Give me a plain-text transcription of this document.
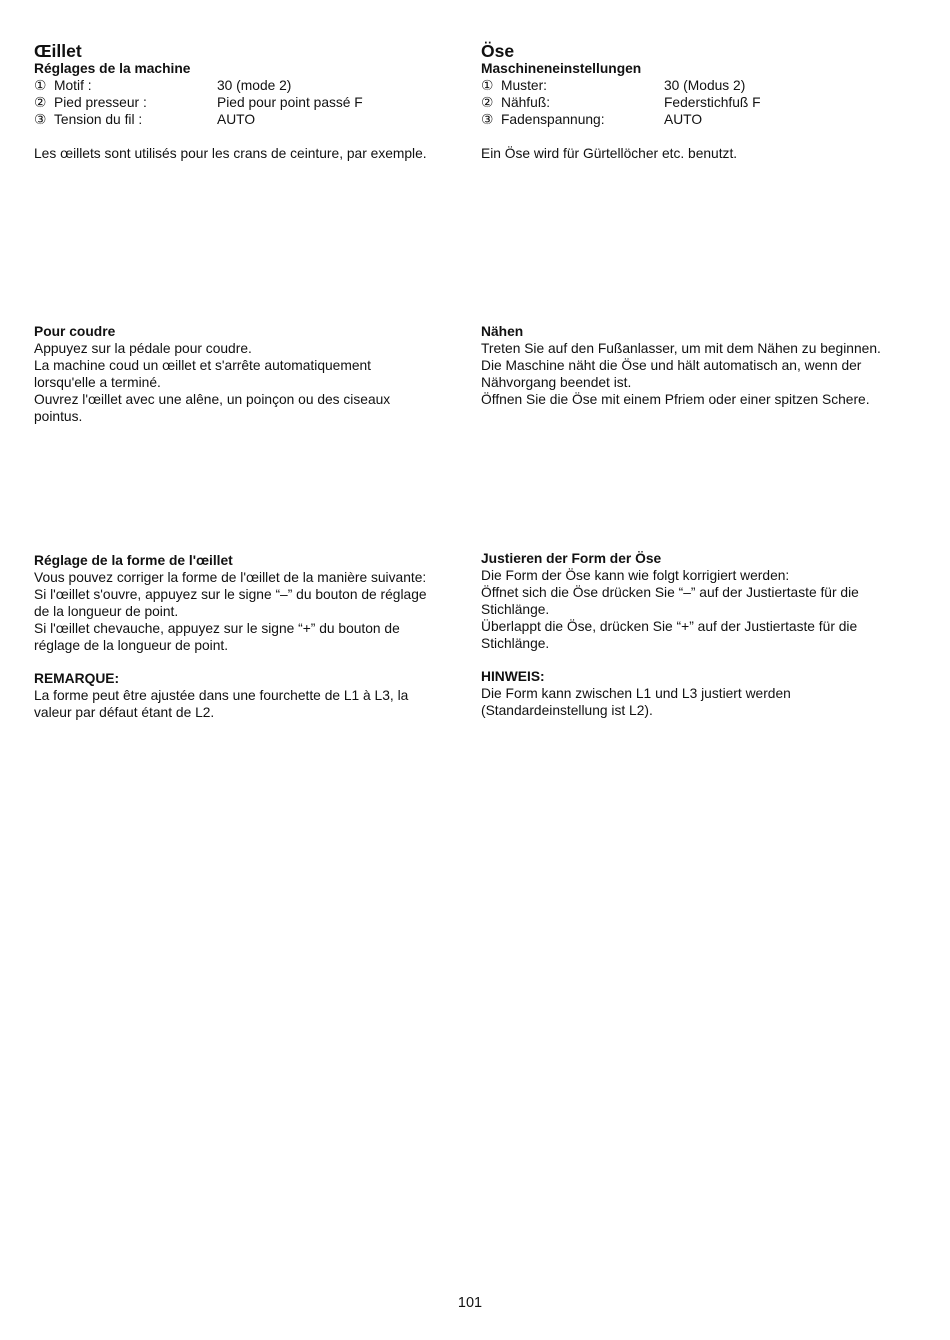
Œillet
Réglages de la machine
① Motif :	30 (mode 2)
② Pied presseur :	Pied pour point passé F
③ Tension du fil :	AUTO

Les œillets sont utilisés pour les crans de ceinture, par exemple.

Pour coudre

Appuyez sur la pédale pour coudre.

La machine coud un œillet et s'arrête automatiquement

lorsqu'elle a terminé.

Ouvrez l'œillet avec une alêne, un poinçon ou des ciseaux

pointus.

Réglage de la forme de l'œillet

Vous pouvez corriger la forme de l'œillet de la manière suivante:

Si l'œillet s'ouvre, appuyez sur le signe “–” du bouton de réglage

de la longueur de point.

Si l'œillet chevauche, appuyez sur le signe “+” du bouton de

réglage de la longueur de point.

REMARQUE:

La forme peut être ajustée dans une fourchette de L1 à L3, la

valeur par défaut étant de L2.

Öse
Maschineneinstellungen
① Muster:	30 (Modus 2)
② Nähfuß:	Federstichfuß F
③ Fadenspannung:	AUTO

Ein Öse wird für Gürtellöcher etc. benutzt.

Nähen

Treten Sie auf den Fußanlasser, um mit dem Nähen zu beginnen.

Die Maschine näht die Öse und hält automatisch an, wenn der

Nähvorgang beendet ist.

Öffnen Sie die Öse mit einem Pfriem oder einer spitzen Schere.

Justieren der Form der Öse

Die Form der Öse kann wie folgt korrigiert werden:

Öffnet sich die Öse drücken Sie “–” auf der Justiertaste für die

Stichlänge.

Überlappt die Öse, drücken Sie “+” auf der Justiertaste für die

Stichlänge.

HINWEIS:

Die Form kann zwischen L1 und L3 justiert werden

(Standardeinstellung ist L2).

101
